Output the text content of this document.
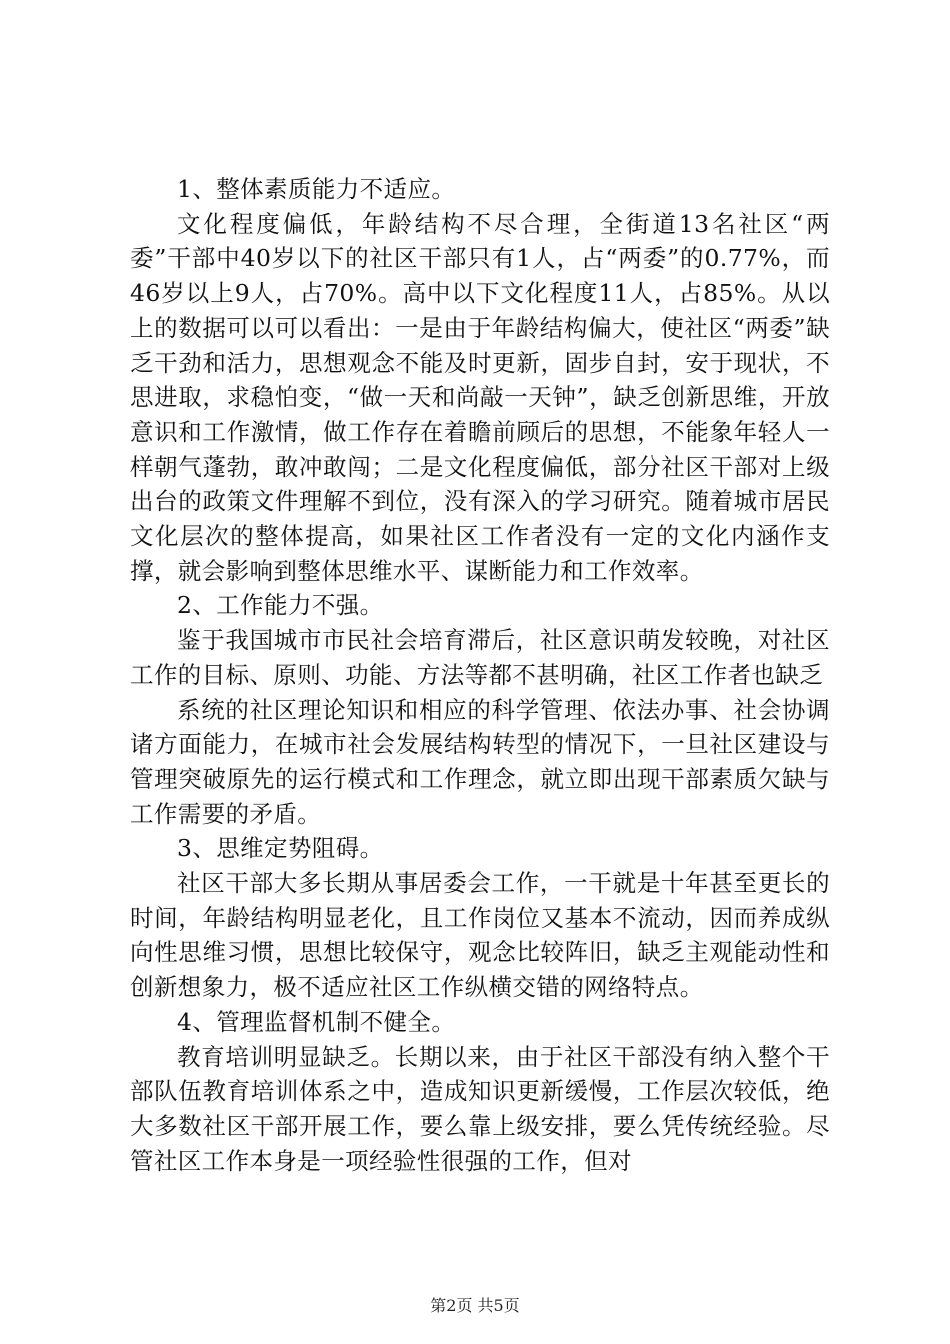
1、整体素质能力不适应。

文化程度偏低，年龄结构不尽合理，全街道13名社区“两委”干部中40岁以下的社区干部只有1人，占“两委”的0.77%，而46岁以上9人，占70%。高中以下文化程度11人，占85%。从以上的数据可以可以看出：一是由于年龄结构偏大，使社区“两委”缺乏干劲和活力，思想观念不能及时更新，固步自封，安于现状，不思进取，求稳怕变，“做一天和尚敲一天钟”，缺乏创新思维，开放意识和工作激情，做工作存在着瞻前顾后的思想，不能象年轻人一样朝气蓬勃，敢冲敢闯；二是文化程度偏低，部分社区干部对上级出台的政策文件理解不到位，没有深入的学习研究。随着城市居民文化层次的整体提高，如果社区工作者没有一定的文化内涵作支撑，就会影响到整体思维水平、谋断能力和工作效率。

2、工作能力不强。

鉴于我国城市市民社会培育滞后，社区意识萌发较晚，对社区工作的目标、原则、功能、方法等都不甚明确，社区工作者也缺乏

系统的社区理论知识和相应的科学管理、依法办事、社会协调诸方面能力，在城市社会发展结构转型的情况下，一旦社区建设与管理突破原先的运行模式和工作理念，就立即出现干部素质欠缺与工作需要的矛盾。

3、思维定势阻碍。

社区干部大多长期从事居委会工作，一干就是十年甚至更长的时间，年龄结构明显老化，且工作岗位又基本不流动，因而养成纵向性思维习惯，思想比较保守，观念比较阵旧，缺乏主观能动性和创新想象力，极不适应社区工作纵横交错的网络特点。

4、管理监督机制不健全。

教育培训明显缺乏。长期以来，由于社区干部没有纳入整个干部队伍教育培训体系之中，造成知识更新缓慢，工作层次较低，绝大多数社区干部开展工作，要么靠上级安排，要么凭传统经验。尽管社区工作本身是一项经验性很强的工作，但对

第2页 共5页
